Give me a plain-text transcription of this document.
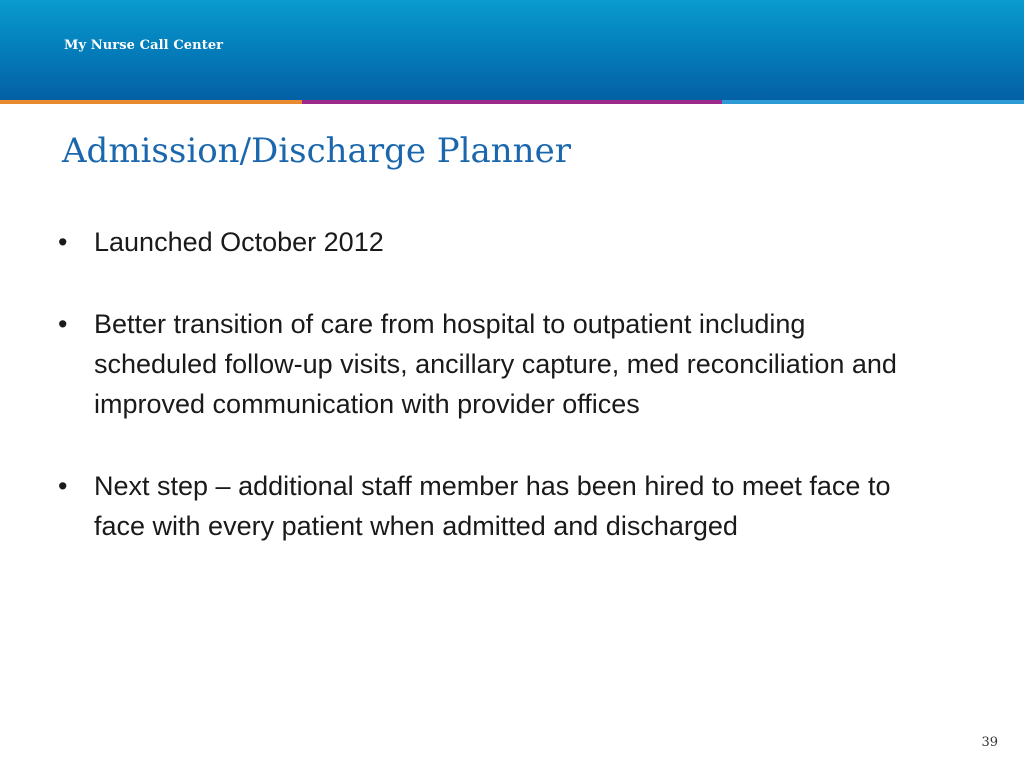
My Nurse Call Center
Admission/Discharge Planner
• Launched October 2012
• Better transition of care from hospital to outpatient including scheduled follow-up visits, ancillary capture, med reconciliation and improved communication with provider offices
• Next step – additional staff member has been hired to meet face to face with every patient when admitted and discharged
39
